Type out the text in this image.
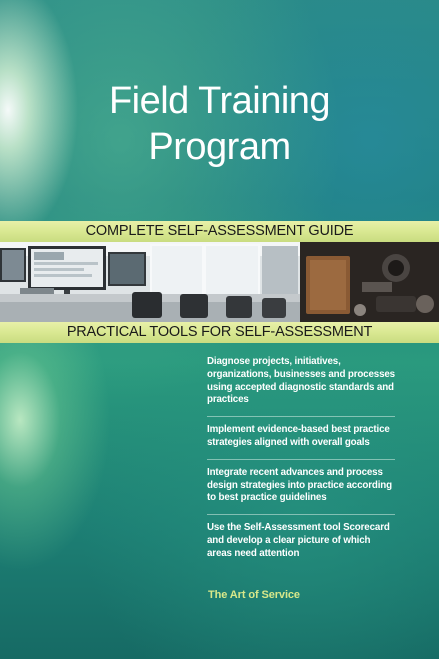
Field Training
Program
COMPLETE SELF-ASSESSMENT GUIDE
PRACTICAL TOOLS FOR SELF-ASSESSMENT
Diagnose projects, initiatives, organizations, businesses and processes using accepted diagnostic standards and practices
Implement evidence-based best practice strategies aligned with overall goals
Integrate recent advances and process design strategies into practice according to best practice guidelines
Use the Self-Assessment tool Scorecard and develop a clear picture of which areas need attention
The Art of Service
